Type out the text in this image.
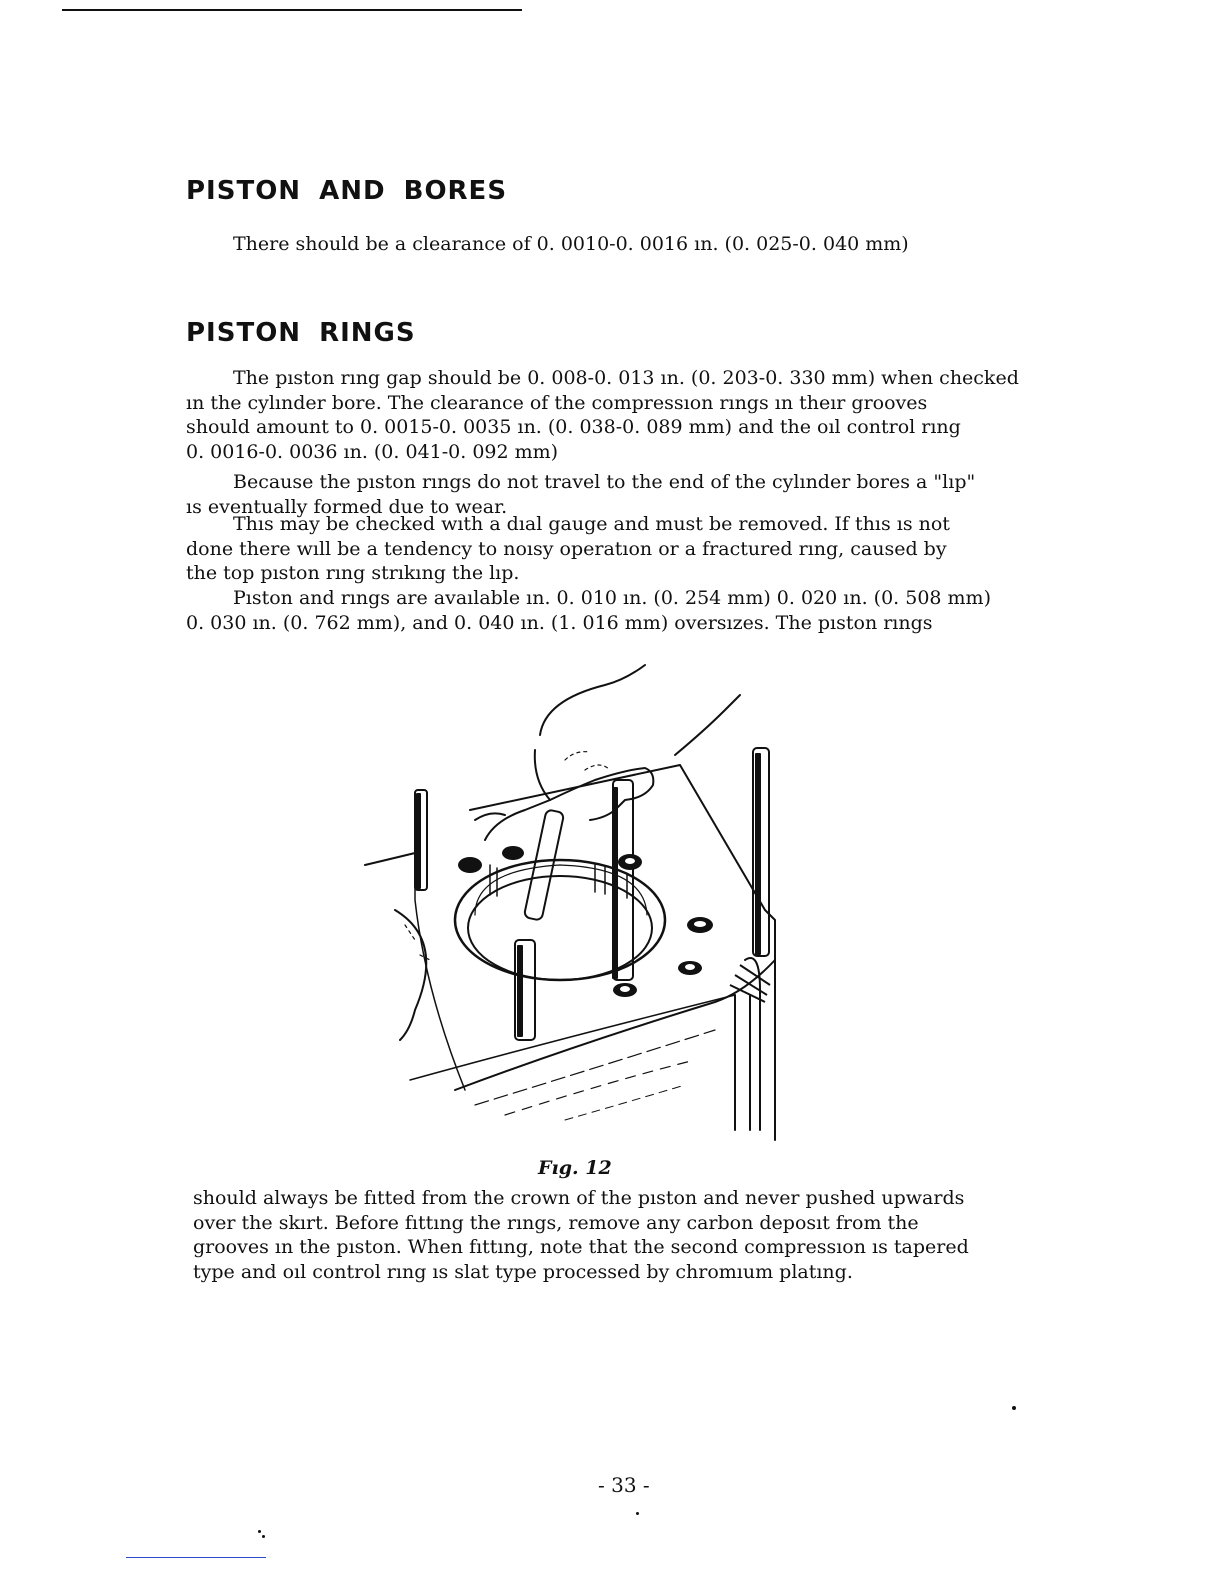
PISTON AND BORES

There should be a clearance of 0. 0010-0. 0016 ın. (0. 025-0. 040 mm)

PISTON RINGS

The pıston rıng gap should be 0. 008-0. 013 ın. (0. 203-0. 330 mm) when checked
ın the cylınder bore. The clearance of the compressıon rıngs ın theır grooves
should amount to 0. 0015-0. 0035 ın. (0. 038-0. 089 mm) and the oıl control rıng
0. 0016-0. 0036 ın. (0. 041-0. 092 mm)

Because the pıston rıngs do not travel to the end of the cylınder bores a "lıp"
ıs eventually formed due to wear.

Thıs may be checked wıth a dıal gauge and must be removed. If thıs ıs not
done there wıll be a tendency to noısy operatıon or a fractured rıng, caused by
the top pıston rıng strıkıng the lıp.

Pıston and rıngs are avaılable ın. 0. 010 ın. (0. 254 mm) 0. 020 ın. (0. 508 mm)
0. 030 ın. (0. 762 mm), and 0. 040 ın. (1. 016 mm) oversızes. The pıston rıngs

Fıg. 12

should always be fıtted from the crown of the pıston and never pushed upwards
over the skırt. Before fıttıng the rıngs, remove any carbon deposıt from the
grooves ın the pıston. When fıttıng, note that the second compressıon ıs tapered
type and oıl control rıng ıs slat type processed by chromıum platıng.

- 33 -
